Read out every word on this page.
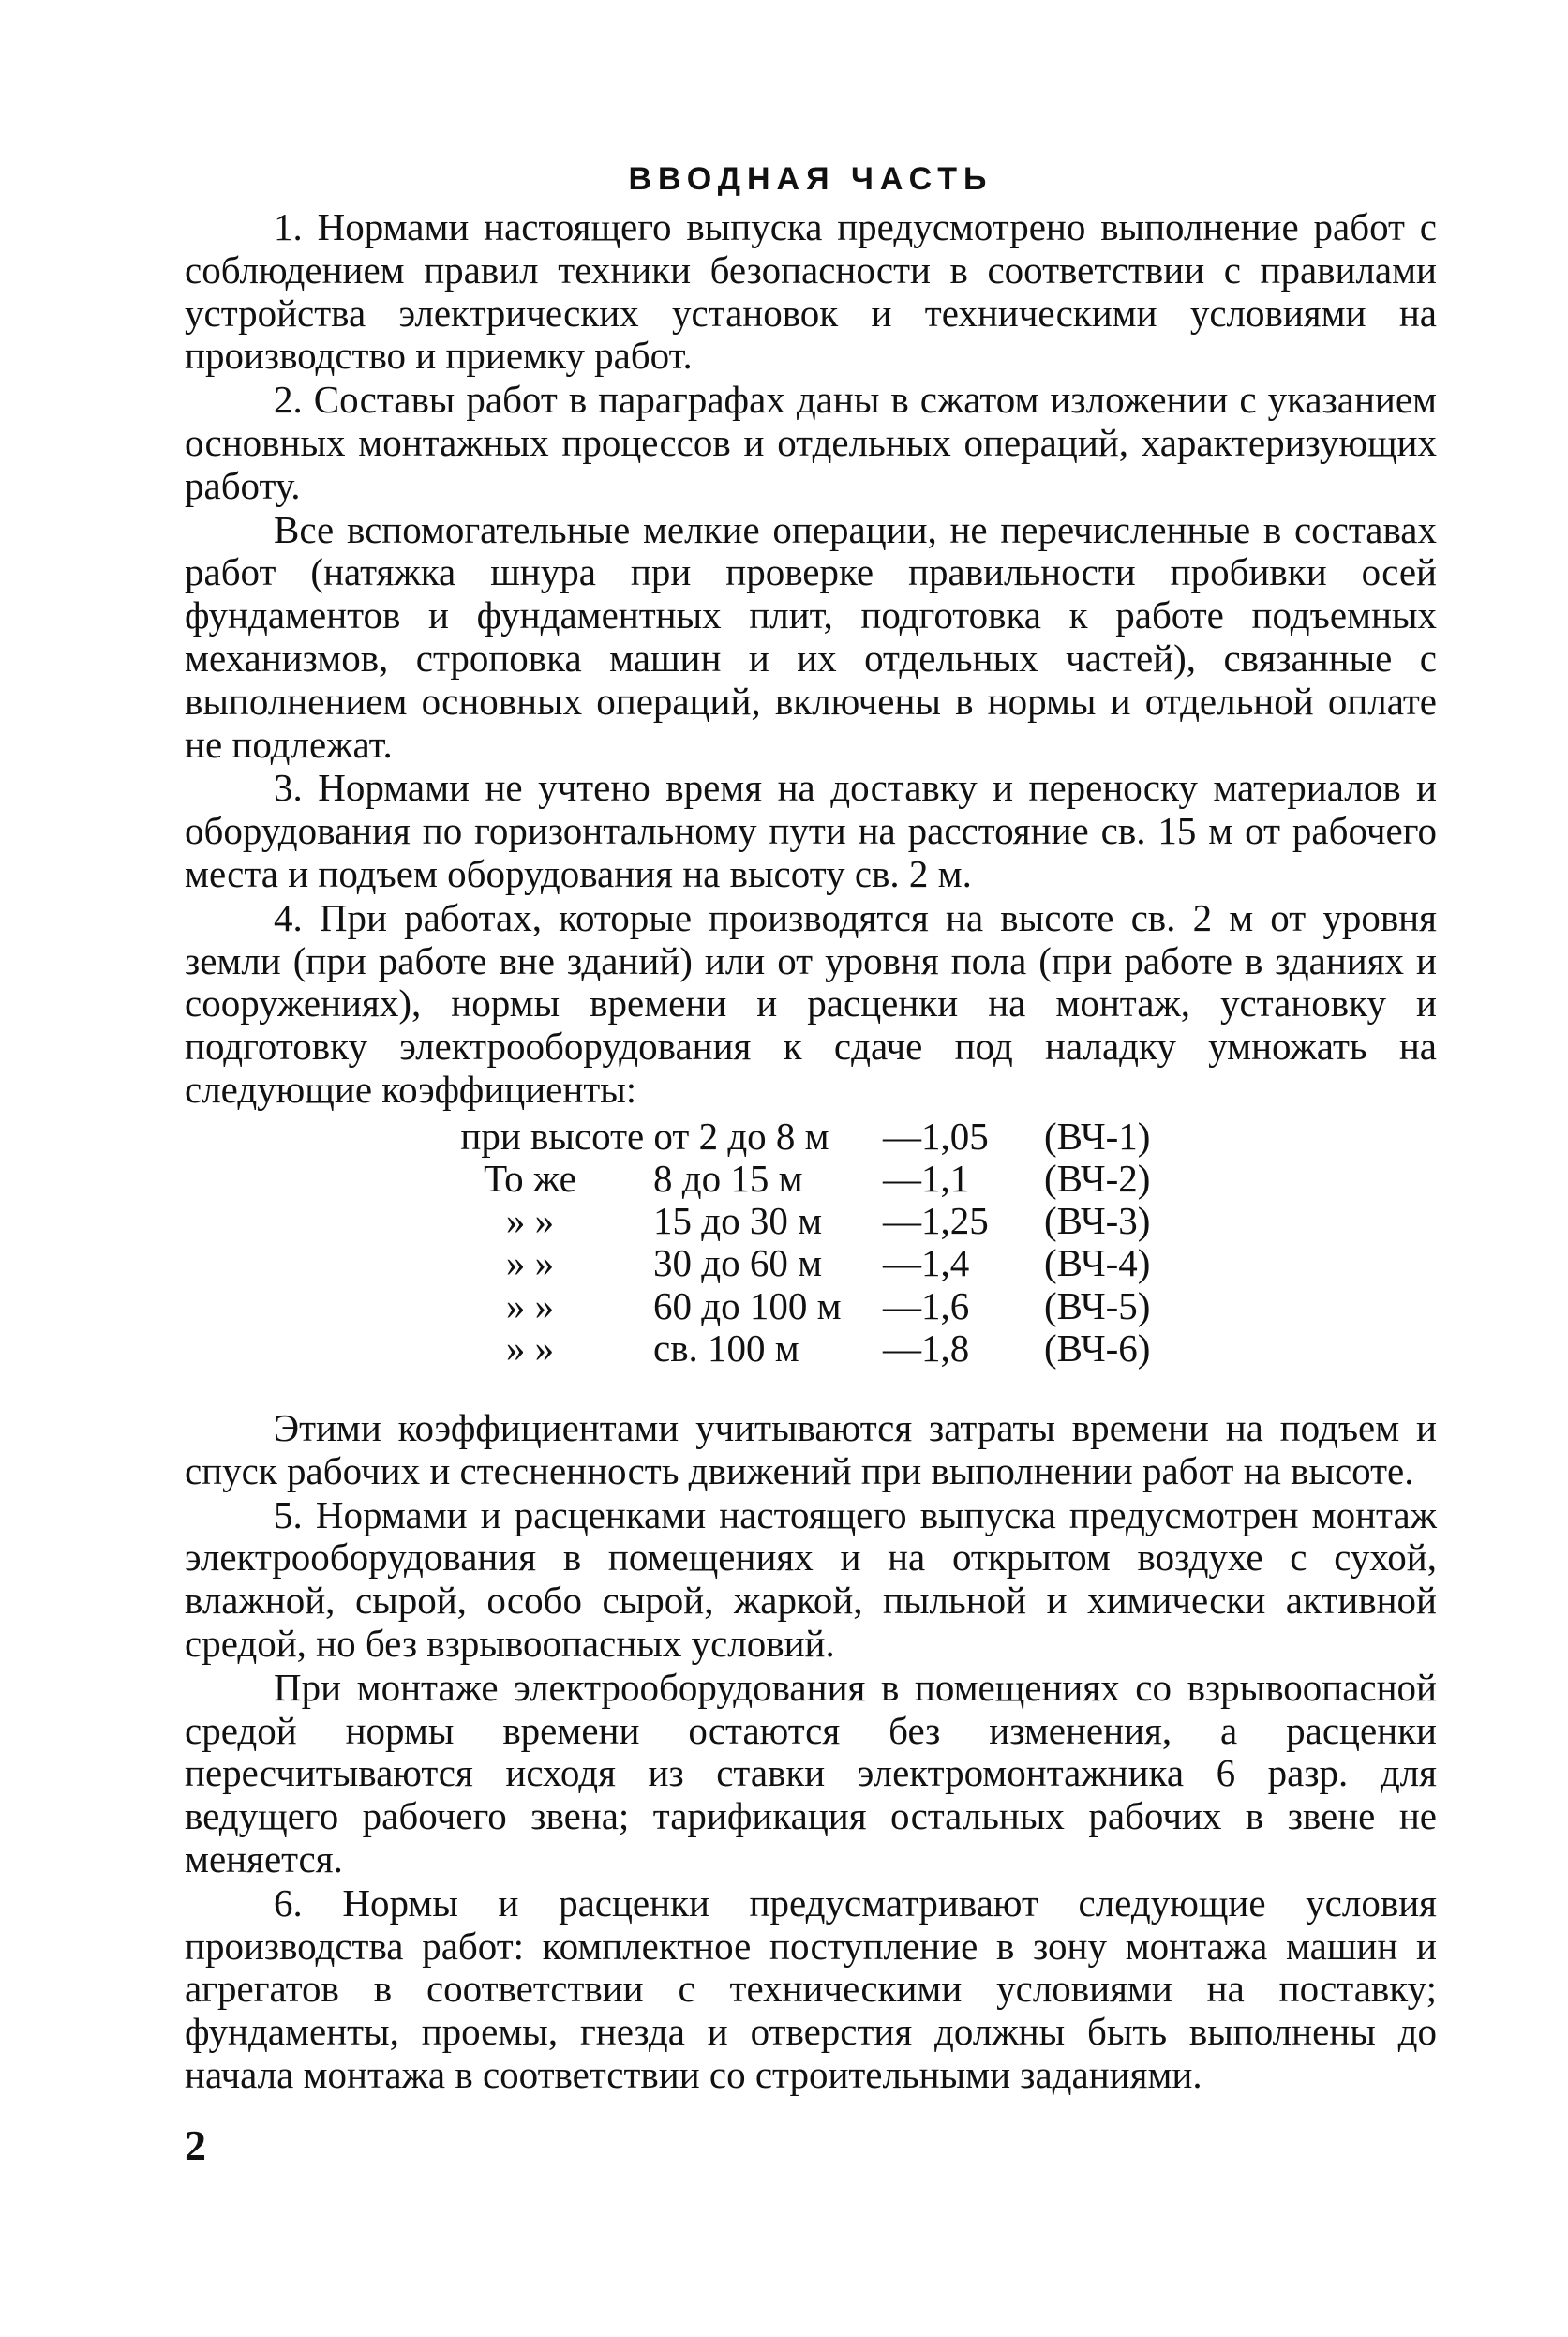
ВВОДНАЯ ЧАСТЬ

1. Нормами настоящего выпуска предусмотрено выполнение работ с соблюдением правил техники безопасности в соответствии с правилами устройства электрических установок и техническими условиями на производство и приемку работ.

2. Составы работ в параграфах даны в сжатом изложении с указанием основных монтажных процессов и отдельных операций, характеризующих работу.

Все вспомогательные мелкие операции, не перечисленные в составах работ (натяжка шнура при проверке правильности пробивки осей фундаментов и фундаментных плит, подготовка к работе подъемных механизмов, строповка машин и их отдельных частей), связанные с выполнением основных операций, включены в нормы и отдельной оплате не подлежат.

3. Нормами не учтено время на доставку и переноску материалов и оборудования по горизонтальному пути на расстояние св. 15 м от рабочего места и подъем оборудования на высоту св. 2 м.

4. При работах, которые производятся на высоте св. 2 м от уровня земли (при работе вне зданий) или от уровня пола (при работе в зданиях и сооружениях), нормы времени и расценки на монтаж, установку и подготовку электрооборудования к сдаче под наладку умножать на следующие коэффициенты:

при высоте от 2 до 8 м		—1,05	(ВЧ-1)
То же	8 до 15 м	—1,1	(ВЧ-2)
» »	15 до 30 м	—1,25	(ВЧ-3)
» »	30 до 60 м	—1,4	(ВЧ-4)
» »	60 до 100 м	—1,6	(ВЧ-5)
» »	св. 100 м	—1,8	(ВЧ-6)

Этими коэффициентами учитываются затраты времени на подъем и спуск рабочих и стесненность движений при выполнении работ на высоте.

5. Нормами и расценками настоящего выпуска предусмотрен монтаж электрооборудования в помещениях и на открытом воздухе с сухой, влажной, сырой, особо сырой, жаркой, пыльной и химически активной средой, но без взрывоопасных условий.

При монтаже электрооборудования в помещениях со взрывоопасной средой нормы времени остаются без изменения, а расценки пересчитываются исходя из ставки электромонтажника 6 разр. для ведущего рабочего звена; тарификация остальных рабочих в звене не меняется.

6. Нормы и расценки предусматривают следующие условия производства работ: комплектное поступление в зону монтажа машин и агрегатов в соответствии с техническими условиями на поставку; фундаменты, проемы, гнезда и отверстия должны быть выполнены до начала монтажа в соответствии со строительными заданиями.

2
